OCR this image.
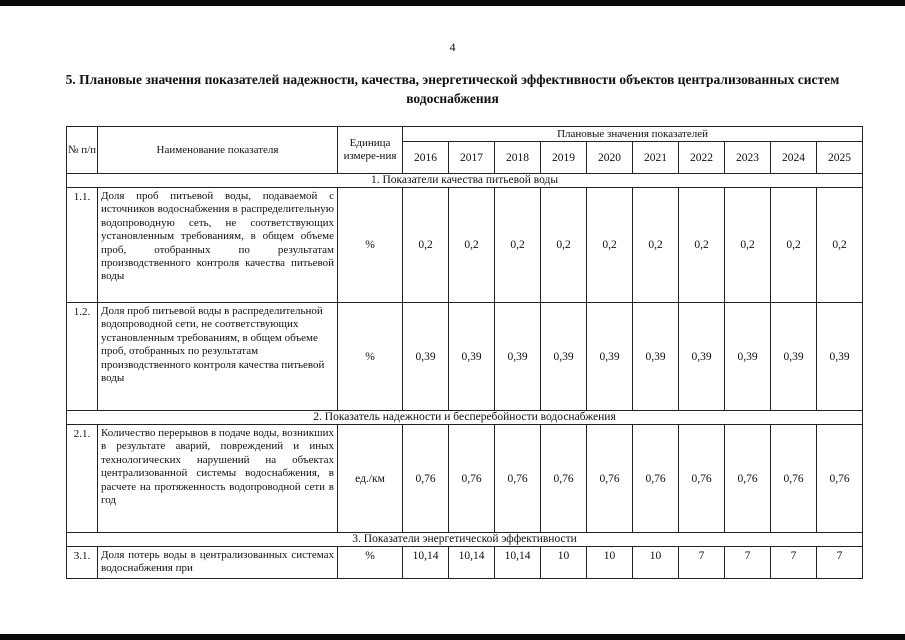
4
5. Плановые значения показателей надежности, качества, энергетической эффективности объектов централизованных систем водоснабжения
№ п/п	Наименование показателя	Единица измере-ния	Плановые значения показателей									
			2016	2017	2018	2019	2020	2021	2022	2023	2024	2025
1. Показатели качества питьевой воды												
1.1.	Доля проб питьевой воды, подаваемой с источников водоснабжения в распределительную водопроводную сеть, не соответствующих установленным требованиям, в общем объеме проб, отобранных по результатам производственного контроля качества питьевой воды	%	0,2	0,2	0,2	0,2	0,2	0,2	0,2	0,2	0,2	0,2
1.2.	Доля проб питьевой воды в распределительной водопроводной сети, не соответствующих установленным требованиям, в общем объеме проб, отобранных по результатам производственного контроля качества питьевой воды	%	0,39	0,39	0,39	0,39	0,39	0,39	0,39	0,39	0,39	0,39
2. Показатель надежности и бесперебойности водоснабжения												
2.1.	Количество перерывов в подаче воды, возникших в результате аварий, повреждений и иных технологических нарушений на объектах централизованной системы водоснабжения, в расчете на протяженность водопроводной сети в год	ед./км	0,76	0,76	0,76	0,76	0,76	0,76	0,76	0,76	0,76	0,76
3. Показатели энергетической эффективности												
3.1.	Доля потерь воды в централизованных системах водоснабжения при	%	10,14	10,14	10,14	10	10	10	7	7	7	7
